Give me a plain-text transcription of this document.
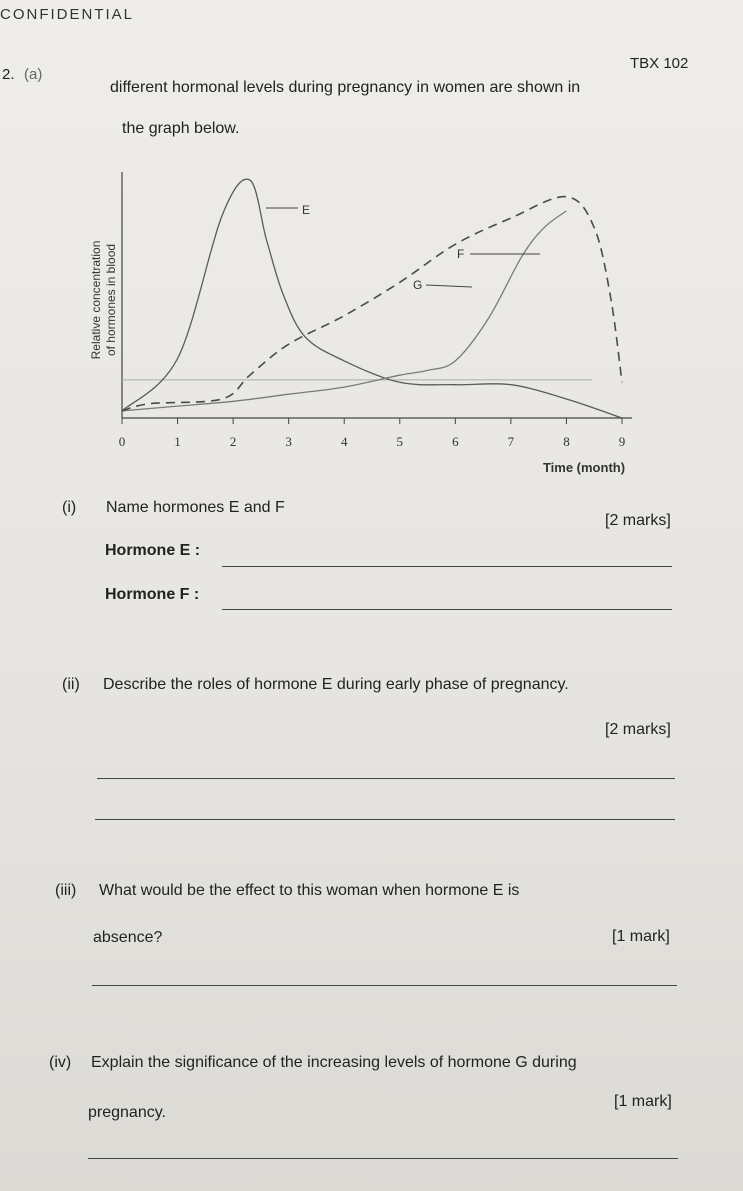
CONFIDENTIAL
TBX 102
2. (a)
different hormonal levels during pregnancy in women are shown in
the graph below.
0	1	2	3	4	5	6	7	8	9
Time (month)
Relative concentration of hormones in blood
E
F
G
(i) Name hormones E and F
[2 marks]
Hormone E :
Hormone F :
(ii) Describe the roles of hormone E during early phase of pregnancy.
[2 marks]
(iii) What would be the effect to this woman when hormone E is
absence?	[1 mark]
(iv) Explain the significance of the increasing levels of hormone G during
pregnancy.
[1 mark]
